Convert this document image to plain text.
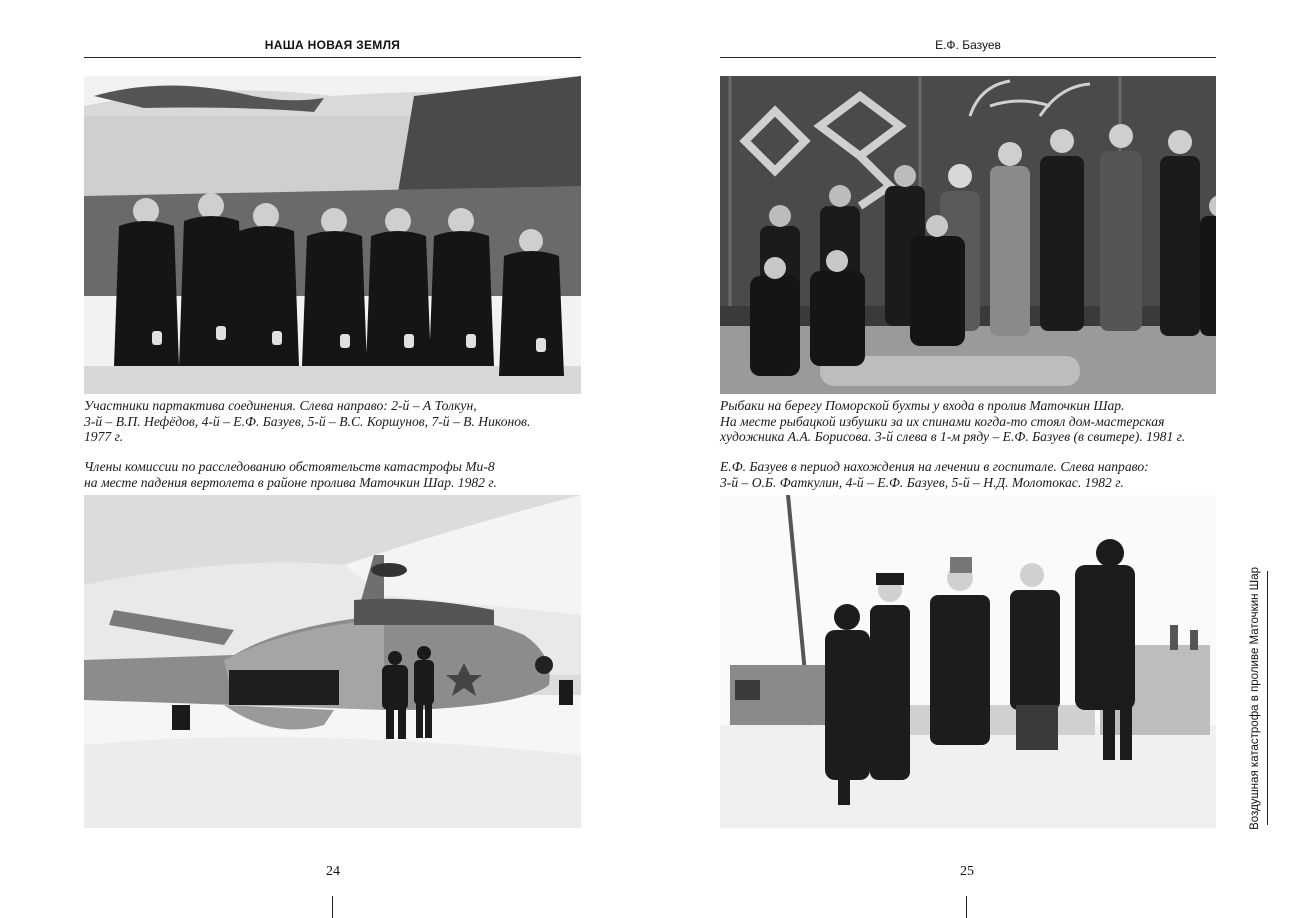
НАША НОВАЯ ЗЕМЛЯ	Е.Ф. Базуев
Участники партактива соединения. Слева направо: 2-й – А Толкун,
3-й – В.П. Нефёдов, 4-й – Е.Ф. Базуев, 5-й – В.С. Коршунов, 7-й – В. Никонов.
1977 г.
Члены комиссии по расследованию обстоятельств катастрофы Ми-8
на месте падения вертолета в районе пролива Маточкин Шар. 1982 г.
Рыбаки на берегу Поморской бухты у входа в пролив Маточкин Шар.
На месте рыбацкой избушки за их спинами когда-то стоял дом-мастерская
художника А.А. Борисова. 3-й слева в 1-м ряду – Е.Ф. Базуев (в свитере). 1981 г.
Е.Ф. Базуев в период нахождения на лечении в госпитале. Слева направо:
3-й – О.Б. Фаткулин, 4-й – Е.Ф. Базуев, 5-й – Н.Д. Молотокас. 1982 г.
24	25
Воздушная катастрофа в проливе Маточкин Шар
